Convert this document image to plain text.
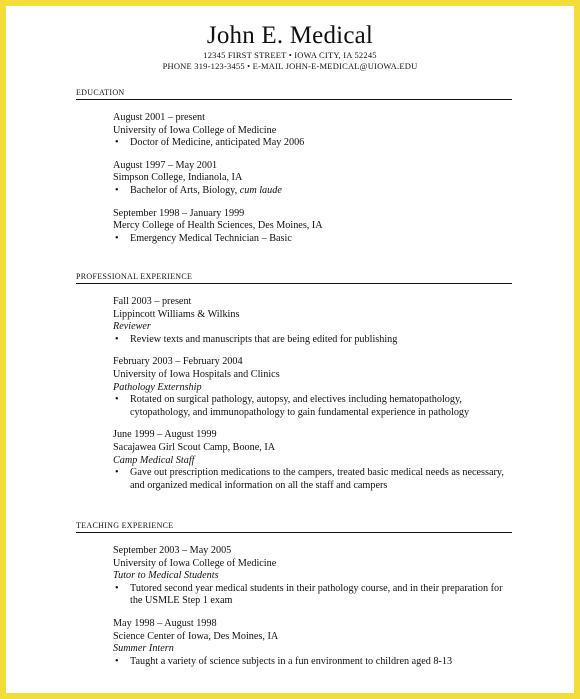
John E. Medical
12345 FIRST STREET • IOWA CITY, IA 52245
PHONE 319-123-3455 • E-MAIL JOHN-E-MEDICAL@UIOWA.EDU
EDUCATION
August 2001 – present
University of Iowa College of Medicine
• Doctor of Medicine, anticipated May 2006
August 1997 – May 2001
Simpson College, Indianola, IA
• Bachelor of Arts, Biology, cum laude
September 1998 – January 1999
Mercy College of Health Sciences, Des Moines, IA
• Emergency Medical Technician – Basic
PROFESSIONAL EXPERIENCE
Fall 2003 – present
Lippincott Williams & Wilkins
Reviewer
• Review texts and manuscripts that are being edited for publishing
February 2003 – February 2004
University of Iowa Hospitals and Clinics
Pathology Externship
• Rotated on surgical pathology, autopsy, and electives including hematopathology, cytopathology, and immunopathology to gain fundamental experience in pathology
June 1999 – August 1999
Sacajawea Girl Scout Camp, Boone, IA
Camp Medical Staff
• Gave out prescription medications to the campers, treated basic medical needs as necessary, and organized medical information on all the staff and campers
TEACHING EXPERIENCE
September 2003 – May 2005
University of Iowa College of Medicine
Tutor to Medical Students
• Tutored second year medical students in their pathology course, and in their preparation for the USMLE Step 1 exam
May 1998 – August 1998
Science Center of Iowa, Des Moines, IA
Summer Intern
• Taught a variety of science subjects in a fun environment to children aged 8-13
